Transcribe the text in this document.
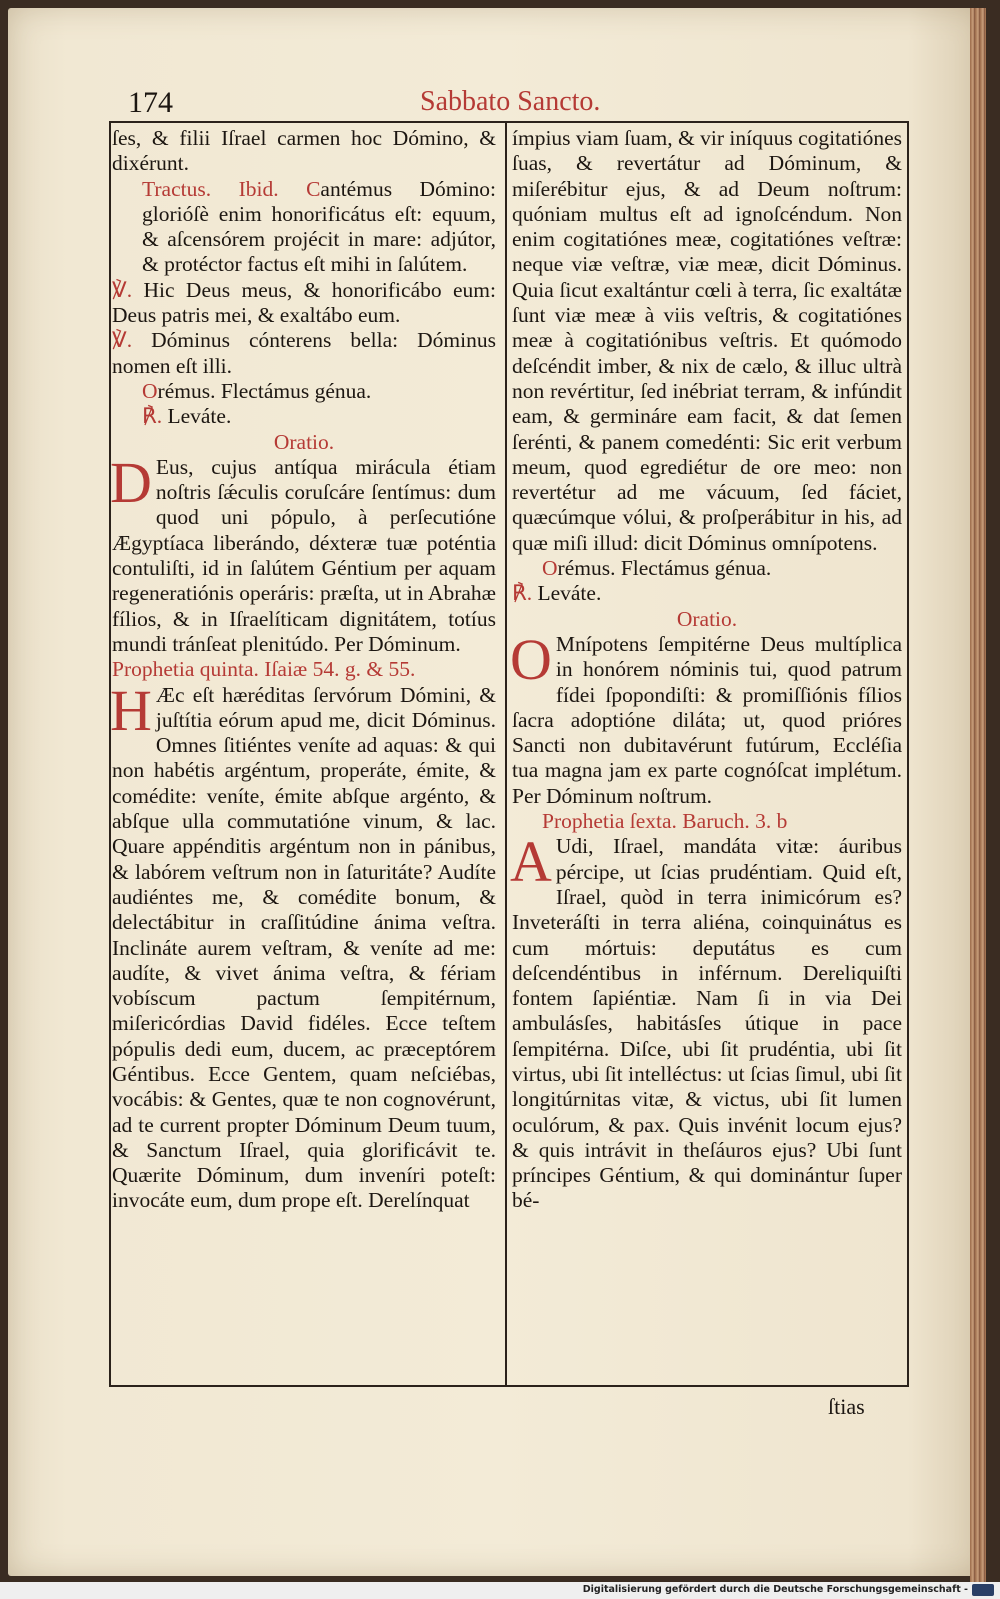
174	Sabbato Sancto.

ſes, & filii Iſrael carmen hoc Dómino, & dixérunt.

Tractus. Ibid. Cantémus Dómino: glorióſè enim honorificátus eſt: equum, & aſcensórem projécit in mare: adjútor, & protéctor factus eſt mihi in ſalútem.

℣. Hic Deus meus, & honorificábo eum: Deus patris mei, & exaltábo eum.

℣. Dóminus cónterens bella: Dóminus nomen eſt illi.

Orémus. Flectámus génua.

℟. Leváte.

Oratio.

D Eus, cujus antíqua mirácula étiam noſtris ſǽculis coruſcáre ſentímus: dum quod uni pópulo, à perſecutióne Ægyptíaca liberándo, déxteræ tuæ poténtia contuliſti, id in ſalútem Géntium per aquam regeneratiónis operáris: præſta, ut in Abrahæ fílios, & in Iſraelíticam dignitátem, totíus mundi tránſeat plenitúdo. Per Dóminum.

Prophetia quinta. Iſaiæ 54. g. & 55.

H Æc eſt hæréditas ſervórum Dómini, & juſtítia eórum apud me, dicit Dóminus. Omnes ſitiéntes veníte ad aquas: & qui non habétis argéntum, properáte, émite, & comédite: veníte, émite abſque argénto, & abſque ulla commutatióne vinum, & lac. Quare appénditis argéntum non in pánibus, & labórem veſtrum non in ſaturitáte? Audíte audiéntes me, & comédite bonum, & delectábitur in craſſitúdine ánima veſtra. Inclináte aurem veſtram, & veníte ad me: audíte, & vivet ánima veſtra, & fériam vobíscum pactum ſempitérnum, miſericórdias David fidéles. Ecce teſtem pópulis dedi eum, ducem, ac præceptórem Géntibus. Ecce Gentem, quam neſciébas, vocábis: & Gentes, quæ te non cognovérunt, ad te current propter Dóminum Deum tuum, & Sanctum Iſrael, quia glorificávit te. Quærite Dóminum, dum inveníri poteſt: invocáte eum, dum prope eſt. Derelínquat

ímpius viam ſuam, & vir iníquus cogitatiónes ſuas, & revertátur ad Dóminum, & miſerébitur ejus, & ad Deum noſtrum: quóniam multus eſt ad ignoſcéndum. Non enim cogitatiónes meæ, cogitatiónes veſtræ: neque viæ veſtræ, viæ meæ, dicit Dóminus. Quia ſicut exaltántur cœli à terra, ſic exaltátæ ſunt viæ meæ à viis veſtris, & cogitatiónes meæ à cogitatiónibus veſtris. Et quómodo deſcéndit imber, & nix de cælo, & illuc ultrà non revértitur, ſed inébriat terram, & infúndit eam, & germináre eam facit, & dat ſemen ſerénti, & panem comedénti: Sic erit verbum meum, quod egrediétur de ore meo: non revertétur ad me vácuum, ſed fáciet, quæcúmque vólui, & proſperábitur in his, ad quæ miſi illud: dicit Dóminus omnípotens.

Orémus. Flectámus génua.

℟. Leváte.

Oratio.

O Mnípotens ſempitérne Deus multíplica in honórem nóminis tui, quod patrum fídei ſpopondiſti: & promiſſiónis fílios ſacra adoptióne diláta; ut, quod prióres Sancti non dubitavérunt futúrum, Eccléſia tua magna jam ex parte cognóſcat implétum. Per Dóminum noſtrum.

Prophetia ſexta. Baruch. 3. b

A Udi, Iſrael, mandáta vitæ: áuribus pércipe, ut ſcias prudéntiam. Quid eſt, Iſrael, quòd in terra inimicórum es? Inveteráſti in terra aliéna, coinquinátus es cum mórtuis: deputátus es cum deſcendéntibus in inférnum. Dereliquiſti fontem ſapiéntiæ. Nam ſi in via Dei ambulásſes, habitásſes útique in pace ſempitérna. Diſce, ubi ſit prudéntia, ubi ſit virtus, ubi ſit intelléctus: ut ſcias ſimul, ubi ſit longitúrnitas vitæ, & victus, ubi ſit lumen oculórum, & pax. Quis invénit locum ejus? & quis intrávit in theſáuros ejus? Ubi ſunt príncipes Géntium, & qui dominántur ſuper bé-

ſtias
Digitalisierung gefördert durch die Deutsche Forschungsgemeinschaft -
